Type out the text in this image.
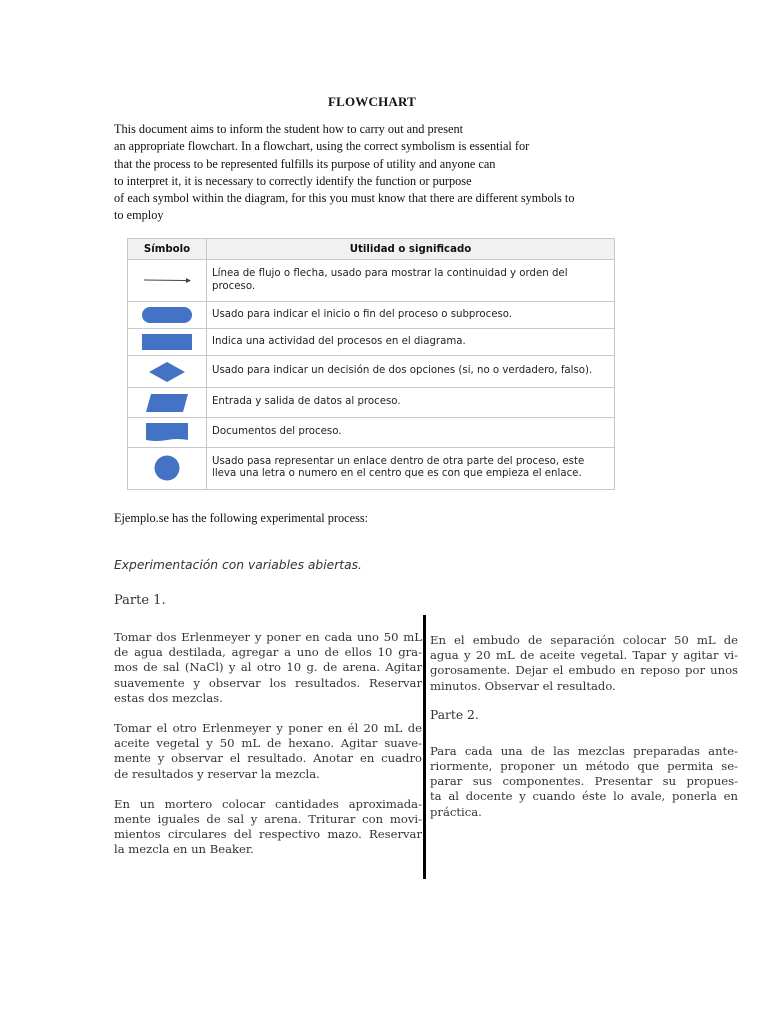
FLOWCHART
This document aims to inform the student how to carry out and present
an appropriate flowchart. In a flowchart, using the correct symbolism is essential for
that the process to be represented fulfills its purpose of utility and anyone can
to interpret it, it is necessary to correctly identify the function or purpose
of each symbol within the diagram, for this you must know that there are different symbols to
to employ
Símbolo	Utilidad o significado
	Línea de flujo o flecha, usado para mostrar la continuidad y orden del proceso.
	Usado para indicar el inicio o fin del proceso o subproceso.
	Indica una actividad del procesos en el diagrama.
	Usado para indicar un decisión de dos opciones (si, no o verdadero, falso).
	Entrada y salida de datos al proceso.
	Documentos del proceso.
	Usado pasa representar un enlace dentro de otra parte del proceso, este lleva una letra o numero en el centro que es con que empieza el enlace.
Ejemplo.se has the following experimental process:
Experimentación con variables abiertas.
Parte 1.
Tomar dos Erlenmeyer y poner en cada uno 50 mL
de agua destilada, agregar a uno de ellos 10 gra-
mos de sal (NaCl) y al otro 10 g. de arena. Agitar
suavemente y observar los resultados. Reservar
estas dos mezclas.
Tomar el otro Erlenmeyer y poner en él 20 mL de
aceite vegetal y 50 mL de hexano. Agitar suave-
mente y observar el resultado. Anotar en cuadro
de resultados y reservar la mezcla.
En un mortero colocar cantidades aproximada-
mente iguales de sal y arena. Triturar con movi-
mientos circulares del respectivo mazo. Reservar
la mezcla en un Beaker.
En el embudo de separación colocar 50 mL de
agua y 20 mL de aceite vegetal. Tapar y agitar vi-
gorosamente. Dejar el embudo en reposo por unos
minutos. Observar el resultado.
Parte 2.
Para cada una de las mezclas preparadas ante-
riormente, proponer un método que permita se-
parar sus componentes. Presentar su propues-
ta al docente y cuando éste lo avale, ponerla en
práctica.
